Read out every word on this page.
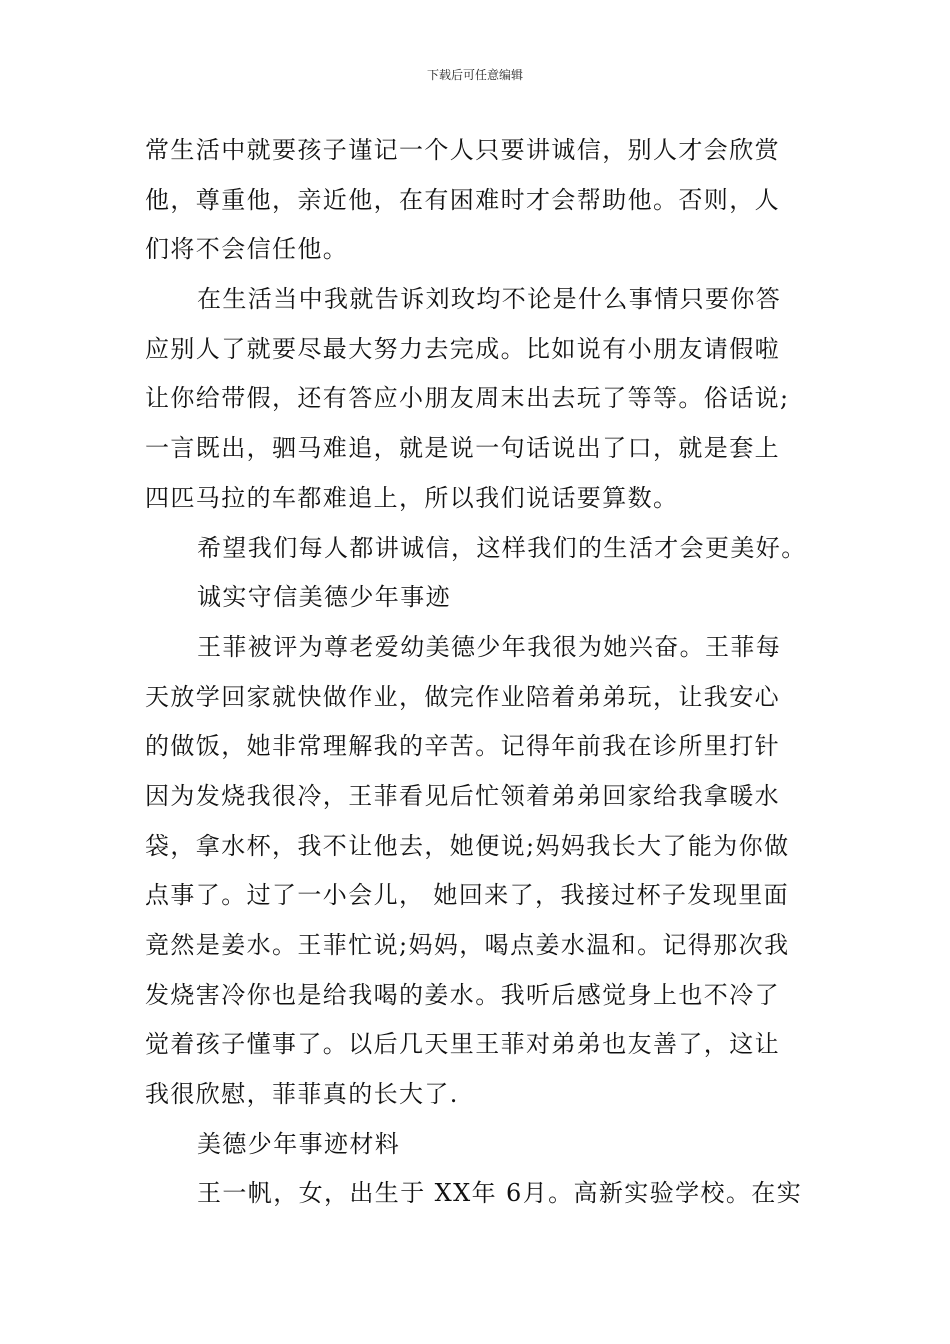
下载后可任意编辑
常生活中就要孩子谨记一个人只要讲诚信，别人才会欣赏
他，尊重他，亲近他，在有困难时才会帮助他。否则，人
们将不会信任他。
在生活当中我就告诉刘玫均不论是什么事情只要你答
应别人了就要尽最大努力去完成。比如说有小朋友请假啦
让你给带假，还有答应小朋友周末出去玩了等等。俗话说;
一言既出，驷马难追，就是说一句话说出了口，就是套上
四匹马拉的车都难追上，所以我们说话要算数。
希望我们每人都讲诚信，这样我们的生活才会更美好。
诚实守信美德少年事迹
王菲被评为尊老爱幼美德少年我很为她兴奋。王菲每
天放学回家就快做作业，做完作业陪着弟弟玩，让我安心
的做饭，她非常理解我的辛苦。记得年前我在诊所里打针
因为发烧我很冷，王菲看见后忙领着弟弟回家给我拿暖水
袋，拿水杯，我不让他去，她便说;妈妈我长大了能为你做
点事了。过了一小会儿， 她回来了，我接过杯子发现里面
竟然是姜水。王菲忙说;妈妈，喝点姜水温和。记得那次我
发烧害冷你也是给我喝的姜水。我听后感觉身上也不冷了
觉着孩子懂事了。以后几天里王菲对弟弟也友善了，这让
我很欣慰，菲菲真的长大了.
美德少年事迹材料
王一帆，女，出生于 XX年 6月。高新实验学校。在实
